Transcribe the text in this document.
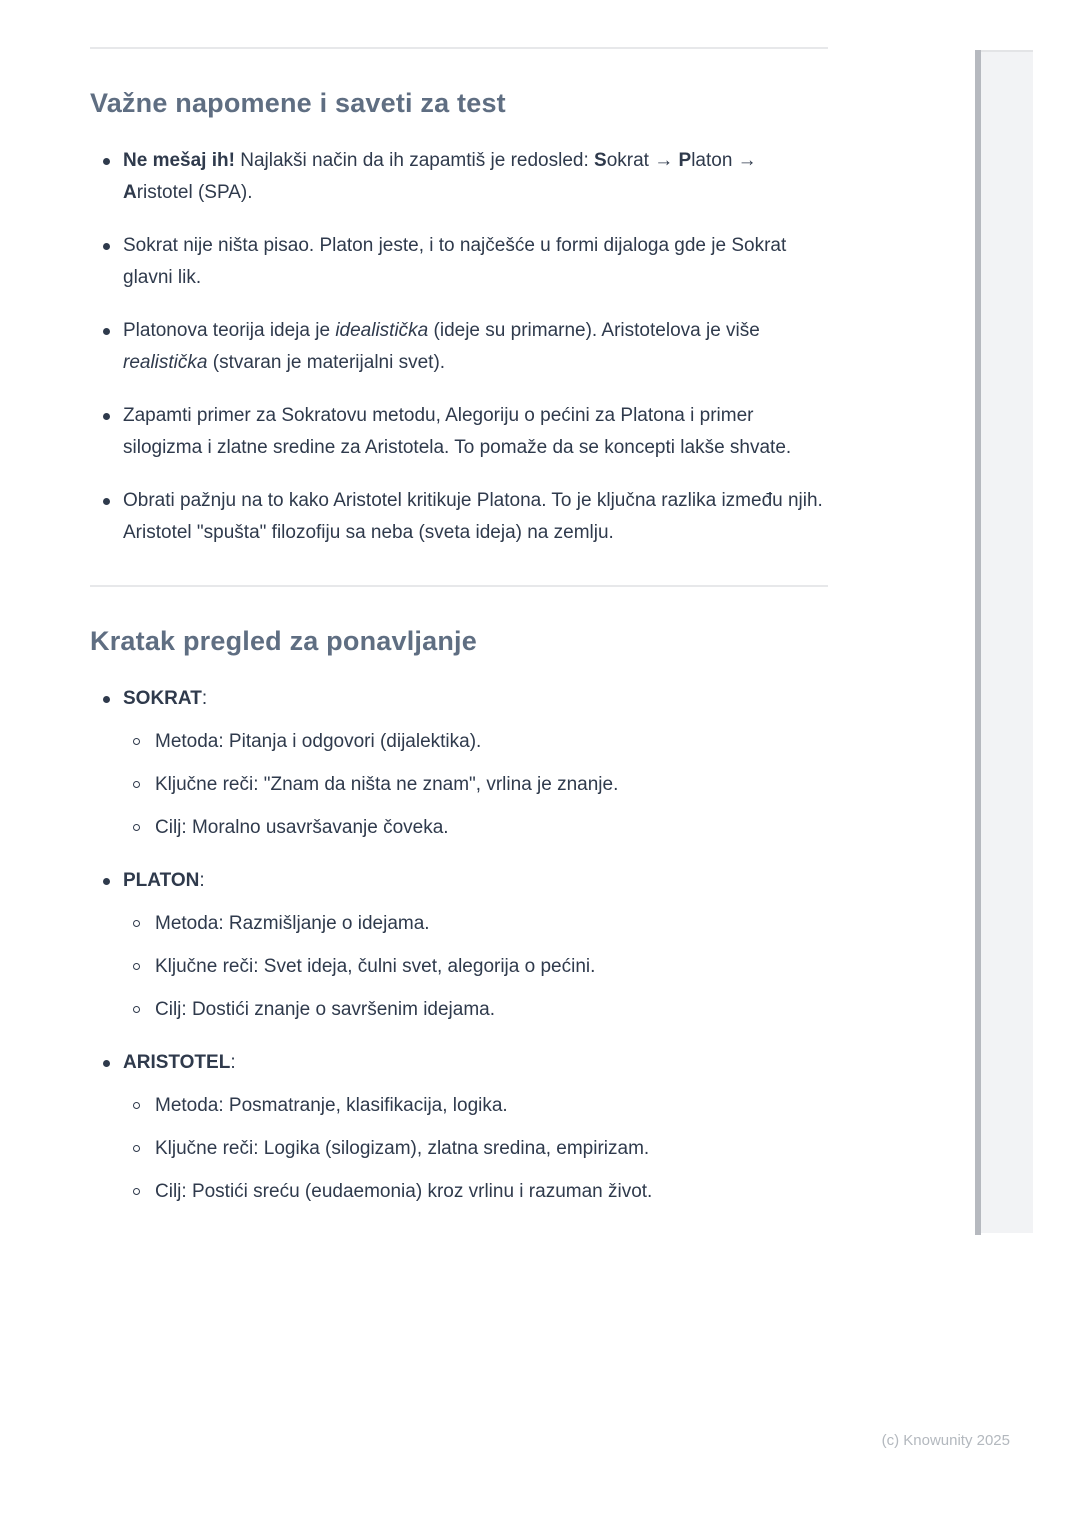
Važne napomene i saveti za test
Ne mešaj ih! Najlakši način da ih zapamtiš je redosled: Sokrat → Platon → Aristotel (SPA).
Sokrat nije ništa pisao. Platon jeste, i to najčešće u formi dijaloga gde je Sokrat glavni lik.
Platonova teorija ideja je idealistička (ideje su primarne). Aristotelova je više realistička (stvaran je materijalni svet).
Zapamti primer za Sokratovu metodu, Alegoriju o pećini za Platona i primer silogizma i zlatne sredine za Aristotela. To pomaže da se koncepti lakše shvate.
Obrati pažnju na to kako Aristotel kritikuje Platona. To je ključna razlika između njih. Aristotel "spušta" filozofiju sa neba (sveta ideja) na zemlju.
Kratak pregled za ponavljanje
SOKRAT:
Metoda: Pitanja i odgovori (dijalektika).
Ključne reči: "Znam da ništa ne znam", vrlina je znanje.
Cilj: Moralno usavršavanje čoveka.
PLATON:
Metoda: Razmišljanje o idejama.
Ključne reči: Svet ideja, čulni svet, alegorija o pećini.
Cilj: Dostići znanje o savršenim idejama.
ARISTOTEL:
Metoda: Posmatranje, klasifikacija, logika.
Ključne reči: Logika (silogizam), zlatna sredina, empirizam.
Cilj: Postići sreću (eudaemonia) kroz vrlinu i razuman život.
(c) Knowunity 2025
